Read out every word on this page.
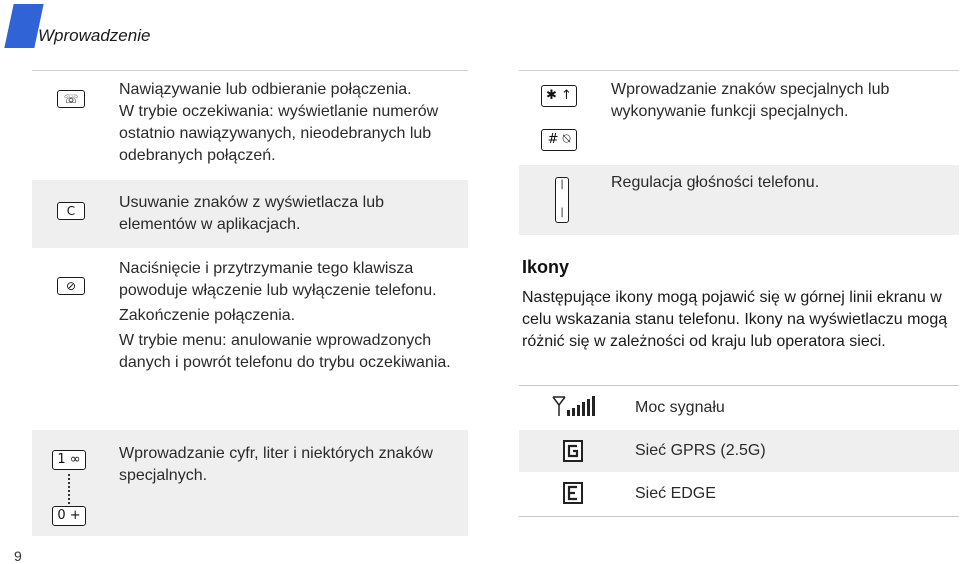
Wprowadzenie
☏

Nawiązywanie lub odbieranie połączenia.

W trybie oczekiwania: wyświetlanie numerów ostatnio nawiązywanych, nieodebranych lub odebranych połączeń.

C	Usuwanie znaków z wyświetlacza lub elementów w aplikacjach.

⊘

Naciśnięcie i przytrzymanie tego klawisza powoduje włączenie lub wyłączenie telefonu.

Zakończenie połączenia.

W trybie menu: anulowanie wprowadzonych danych i powrót telefonu do trybu oczekiwania.

1 ∞
0 +

Wprowadzanie cyfr, liter i niektórych znaków specjalnych.

✱ ↑
# ⍉

Wprowadzanie znaków specjalnych lub wykonywanie funkcji specjalnych.

|

|

Regulacja głośności telefonu.

Ikony
Następujące ikony mogą pojawić się w górnej linii ekranu w celu wskazania stanu telefonu. Ikony na wyświetlaczu mogą różnić się w zależności od kraju lub operatora sieci.
Moc sygnału
Sieć GPRS (2.5G)
Sieć EDGE
9
